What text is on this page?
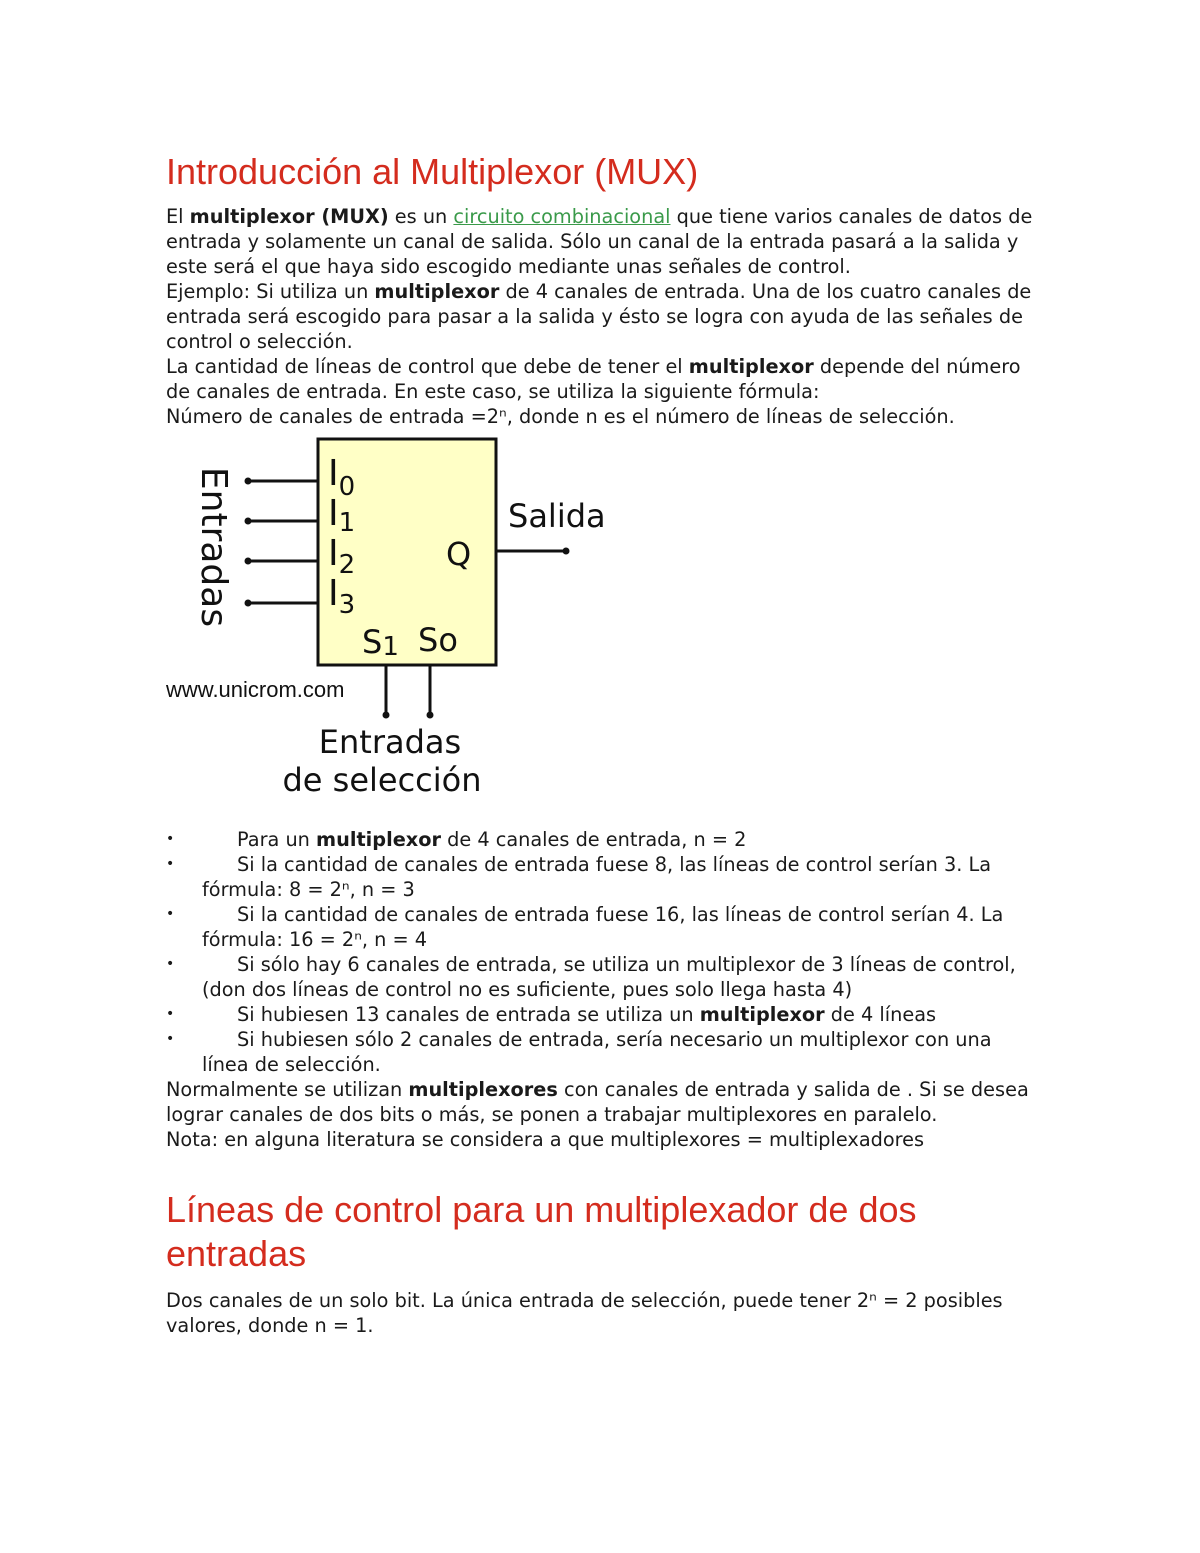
Introducción al Multiplexor (MUX)

El multiplexor (MUX) es un circuito combinacional que tiene varios canales de datos de entrada y solamente un canal de salida. Sólo un canal de la entrada pasará a la salida y este será el que haya sido escogido mediante unas señales de control.

Ejemplo: Si utiliza un multiplexor de 4 canales de entrada. Una de los cuatro canales de entrada será escogido para pasar a la salida y ésto se logra con ayuda de las señales de control o selección.

La cantidad de líneas de control que debe de tener el multiplexor depende del número de canales de entrada. En este caso, se utiliza la siguiente fórmula:

Número de canales de entrada =2ⁿ, donde n es el número de líneas de selección.

Entradas	$I_0$
I1
$I_2$
$I_3$
Q
Salida
S1 So
www.unicrom.com
Entradas
de selección
•	Para un multiplexor de 4 canales de entrada, n = 2
•	Si la cantidad de canales de entrada fuese 8, las líneas de control serían 3. La fórmula: 8 = 2ⁿ, n = 3
•	Si la cantidad de canales de entrada fuese 16, las líneas de control serían 4. La fórmula: 16 = 2ⁿ, n = 4
•	Si sólo hay 6 canales de entrada, se utiliza un multiplexor de 3 líneas de control, (don dos líneas de control no es suficiente, pues solo llega hasta 4)
•	Si hubiesen 13 canales de entrada se utiliza un multiplexor de 4 líneas
•	Si hubiesen sólo 2 canales de entrada, sería necesario un multiplexor con una línea de selección.

Normalmente se utilizan multiplexores con canales de entrada y salida de . Si se desea lograr canales de dos bits o más, se ponen a trabajar multiplexores en paralelo.

Nota: en alguna literatura se considera a que multiplexores = multiplexadores

Líneas de control para un multiplexador de dos entradas

Dos canales de un solo bit. La única entrada de selección, puede tener 2ⁿ = 2 posibles valores, donde n = 1.
